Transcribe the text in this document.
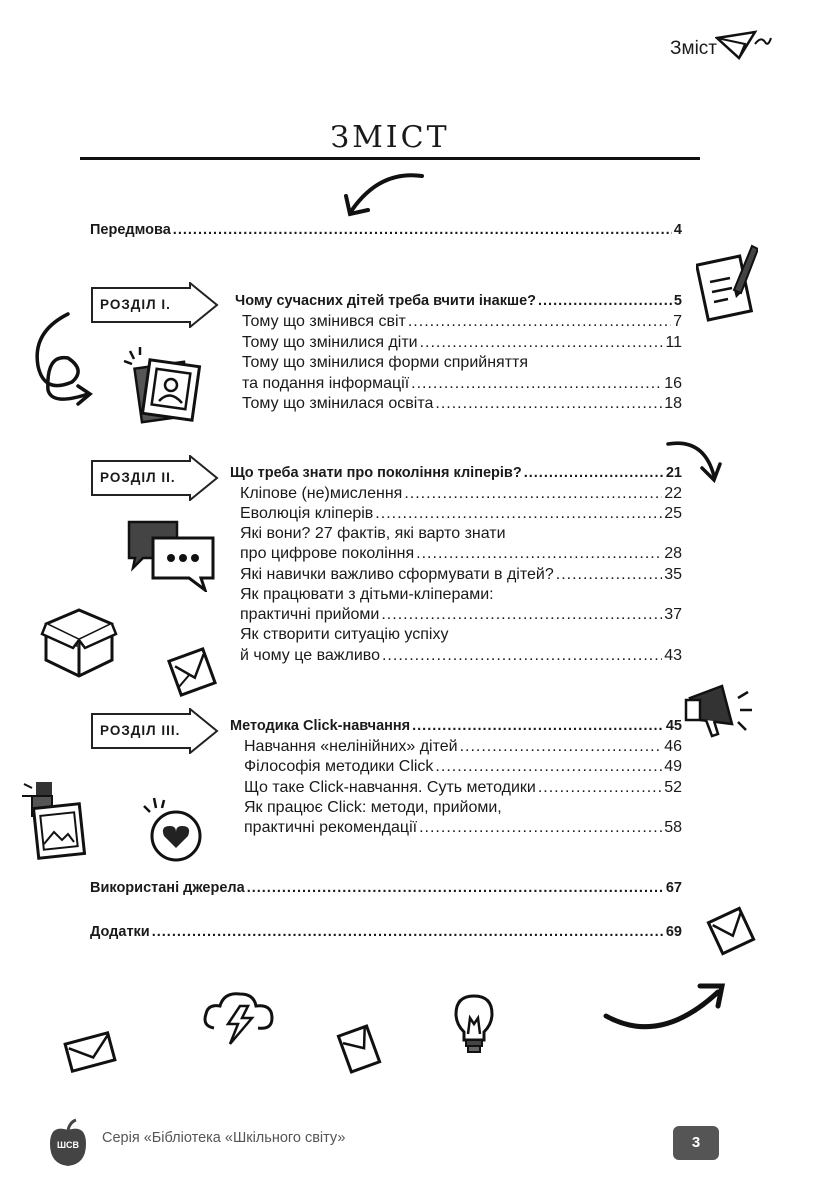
Зміст
ЗМІСТ
Передмова .....	4
РОЗДІЛ I.	Чому сучасних дітей треба вчити інакше? .....	5
Тому що змінився світ .....	7
Тому що змінилися діти .....	11
Тому що змінилися форми сприйняття
та подання інформації .....	16
Тому що змінилася освіта .....	18
РОЗДІЛ II.	Що треба знати про покоління кліперів? .....	21
Кліпове (не)мислення .....	22
Еволюція кліперів .....	25
Які вони? 27 фактів, які варто знати
про цифрове покоління .....	28
Які навички важливо сформувати в дітей? .....	35
Як працювати з дітьми-кліперами:
практичні прийоми .....	37
Як створити ситуацію успіху
й чому це важливо .....	43
РОЗДІЛ III.	Методика Click-навчання .....	45
Навчання «нелінійних» дітей .....	46
Філософія методики Click .....	49
Що таке Click-навчання. Суть методики .....	52
Як працює Click: методи, прийоми,
практичні рекомендації .....	58
Використані джерела .....	67
Додатки .....	69
ШСВ	Серія «Бібліотека «Шкільного світу»	3
